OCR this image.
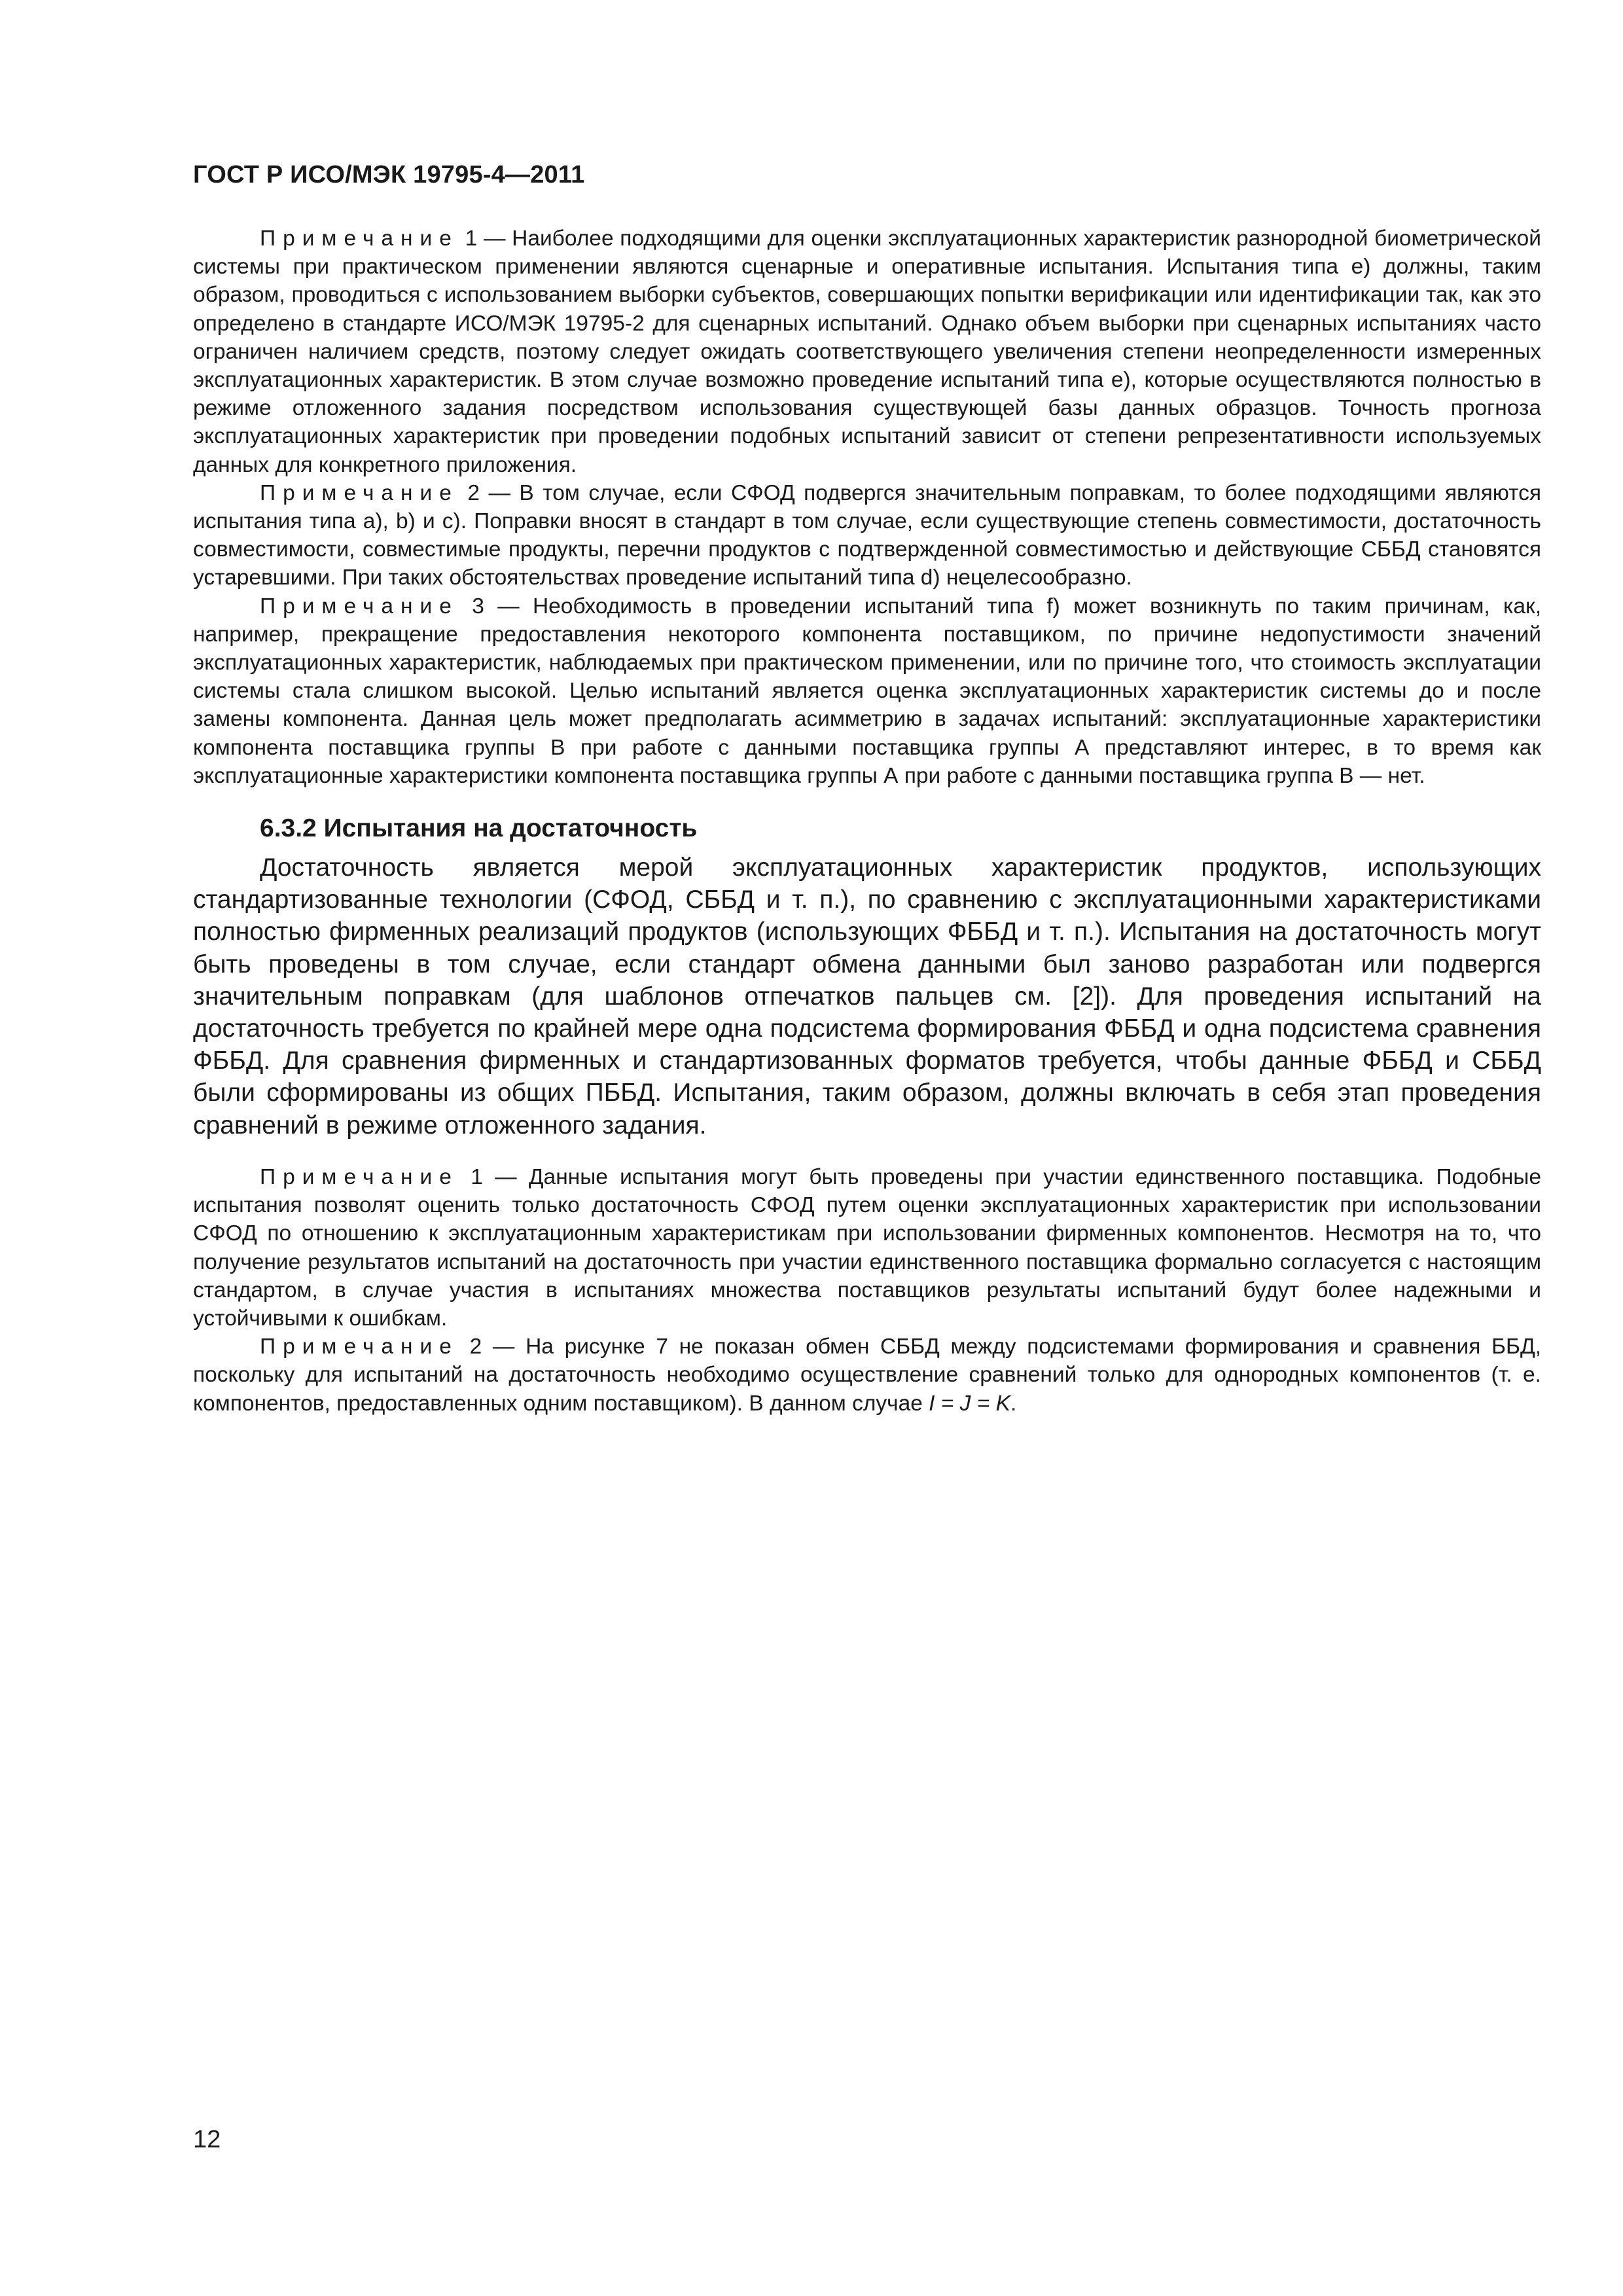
ГОСТ Р ИСО/МЭК 19795-4—2011

Примечание 1 — Наиболее подходящими для оценки эксплуатационных характеристик разнородной биометрической системы при практическом применении являются сценарные и оперативные испытания. Испытания типа е) должны, таким образом, проводиться с использованием выборки субъектов, совершающих попытки верификации или идентификации так, как это определено в стандарте ИСО/МЭК 19795-2 для сценарных испытаний. Однако объем выборки при сценарных испытаниях часто ограничен наличием средств, поэтому следует ожидать соответствующего увеличения степени неопределенности измеренных эксплуатационных характеристик. В этом случае возможно проведение испытаний типа е), которые осуществляются полностью в режиме отложенного задания посредством использования существующей базы данных образцов. Точность прогноза эксплуатационных характеристик при проведении подобных испытаний зависит от степени репрезентативности используемых данных для конкретного приложения.

Примечание 2 — В том случае, если СФОД подвергся значительным поправкам, то более подходящими являются испытания типа а), b) и с). Поправки вносят в стандарт в том случае, если существующие степень совместимости, достаточность совместимости, совместимые продукты, перечни продуктов с подтвержденной совместимостью и действующие СББД становятся устаревшими. При таких обстоятельствах проведение испытаний типа d) нецелесообразно.

Примечание 3 — Необходимость в проведении испытаний типа f) может возникнуть по таким причинам, как, например, прекращение предоставления некоторого компонента поставщиком, по причине недопустимости значений эксплуатационных характеристик, наблюдаемых при практическом применении, или по причине того, что стоимость эксплуатации системы стала слишком высокой. Целью испытаний является оценка эксплуатационных характеристик системы до и после замены компонента. Данная цель может предполагать асимметрию в задачах испытаний: эксплуатационные характеристики компонента поставщика группы В при работе с данными поставщика группы А представляют интерес, в то время как эксплуатационные характеристики компонента поставщика группы А при работе с данными поставщика группа В — нет.

6.3.2 Испытания на достаточность

Достаточность является мерой эксплуатационных характеристик продуктов, использующих стандартизованные технологии (СФОД, СББД и т. п.), по сравнению с эксплуатационными характеристиками полностью фирменных реализаций продуктов (использующих ФББД и т. п.). Испытания на достаточность могут быть проведены в том случае, если стандарт обмена данными был заново разработан или подвергся значительным поправкам (для шаблонов отпечатков пальцев см. [2]). Для проведения испытаний на достаточность требуется по крайней мере одна подсистема формирования ФББД и одна подсистема сравнения ФББД. Для сравнения фирменных и стандартизованных форматов требуется, чтобы данные ФББД и СББД были сформированы из общих ПББД. Испытания, таким образом, должны включать в себя этап проведения сравнений в режиме отложенного задания.

Примечание 1 — Данные испытания могут быть проведены при участии единственного поставщика. Подобные испытания позволят оценить только достаточность СФОД путем оценки эксплуатационных характеристик при использовании СФОД по отношению к эксплуатационным характеристикам при использовании фирменных компонентов. Несмотря на то, что получение результатов испытаний на достаточность при участии единственного поставщика формально согласуется с настоящим стандартом, в случае участия в испытаниях множества поставщиков результаты испытаний будут более надежными и устойчивыми к ошибкам.

Примечание 2 — На рисунке 7 не показан обмен СББД между подсистемами формирования и сравнения ББД, поскольку для испытаний на достаточность необходимо осуществление сравнений только для однородных компонентов (т. е. компонентов, предоставленных одним поставщиком). В данном случае I = J = K.

12
